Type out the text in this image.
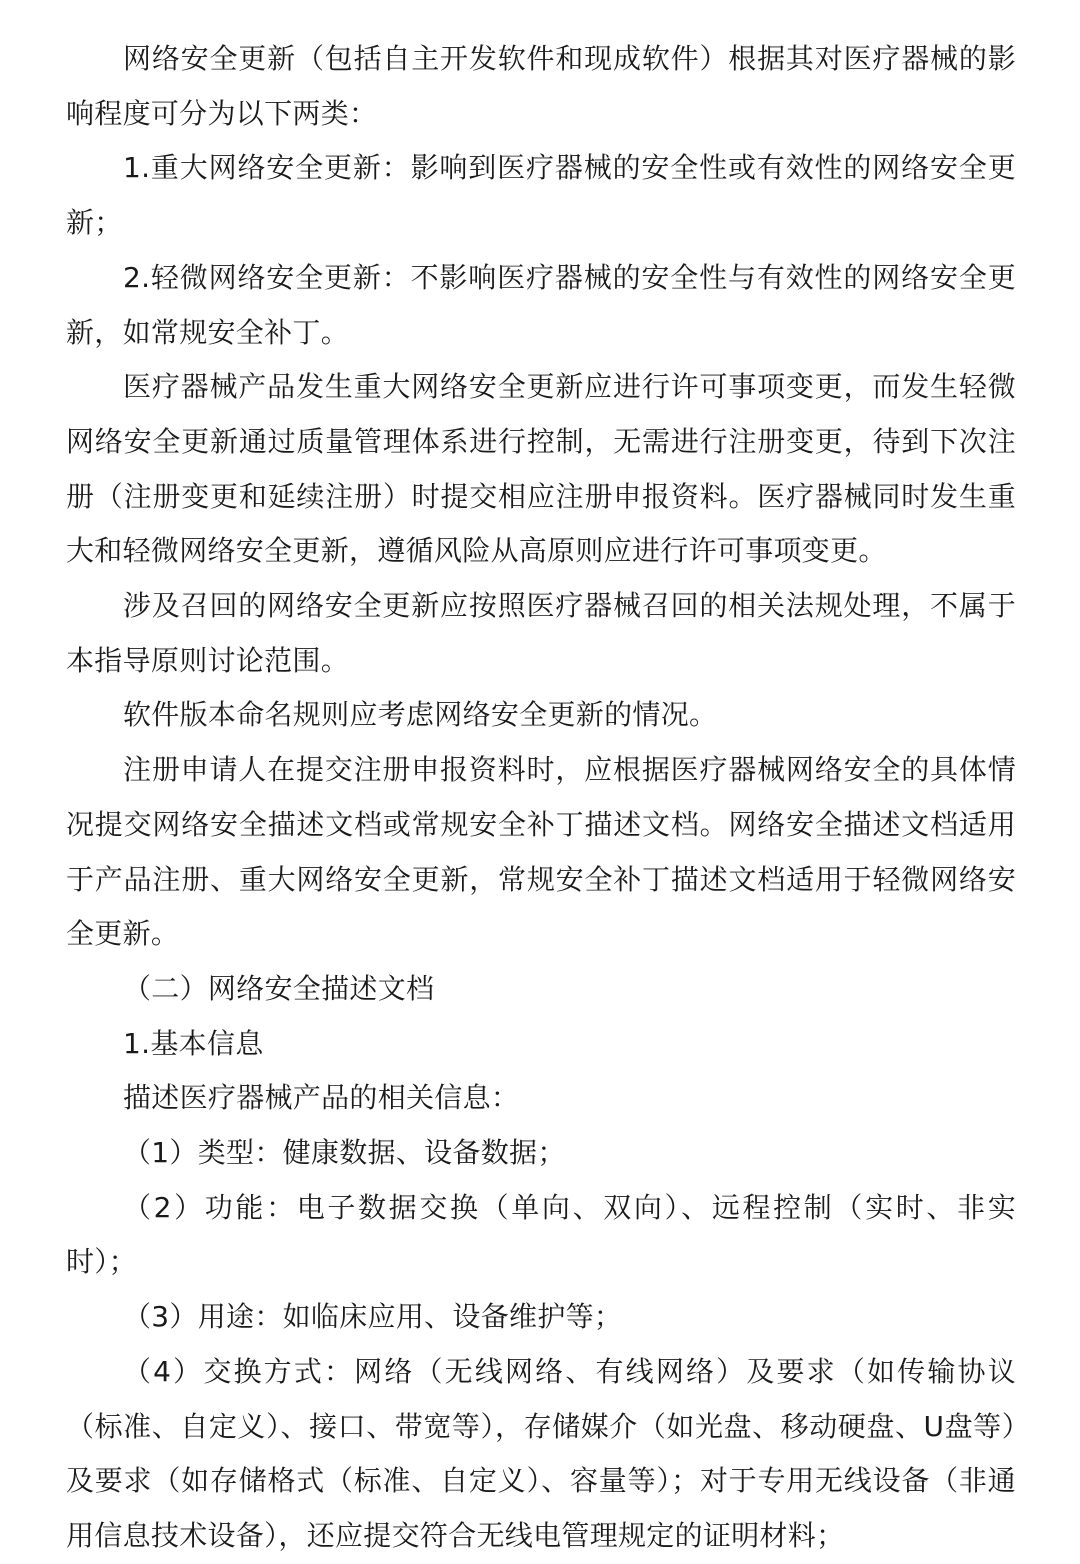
网络安全更新（包括自主开发软件和现成软件）根据其对医疗器械的影响程度可分为以下两类：

1.重大网络安全更新：影响到医疗器械的安全性或有效性的网络安全更新；

2.轻微网络安全更新：不影响医疗器械的安全性与有效性的网络安全更新，如常规安全补丁。

医疗器械产品发生重大网络安全更新应进行许可事项变更，而发生轻微网络安全更新通过质量管理体系进行控制，无需进行注册变更，待到下次注册（注册变更和延续注册）时提交相应注册申报资料。医疗器械同时发生重大和轻微网络安全更新，遵循风险从高原则应进行许可事项变更。

涉及召回的网络安全更新应按照医疗器械召回的相关法规处理，不属于本指导原则讨论范围。

软件版本命名规则应考虑网络安全更新的情况。

注册申请人在提交注册申报资料时，应根据医疗器械网络安全的具体情况提交网络安全描述文档或常规安全补丁描述文档。网络安全描述文档适用于产品注册、重大网络安全更新，常规安全补丁描述文档适用于轻微网络安全更新。

（二）网络安全描述文档

1.基本信息

描述医疗器械产品的相关信息：

（1）类型：健康数据、设备数据；

（2）功能：电子数据交换（单向、双向）、远程控制（实时、非实时）；

（3）用途：如临床应用、设备维护等；

（4）交换方式：网络（无线网络、有线网络）及要求（如传输协议（标准、自定义）、接口、带宽等），存储媒介（如光盘、移动硬盘、U盘等）及要求（如存储格式（标准、自定义）、容量等）；对于专用无线设备（非通用信息技术设备），还应提交符合无线电管理规定的证明材料；
